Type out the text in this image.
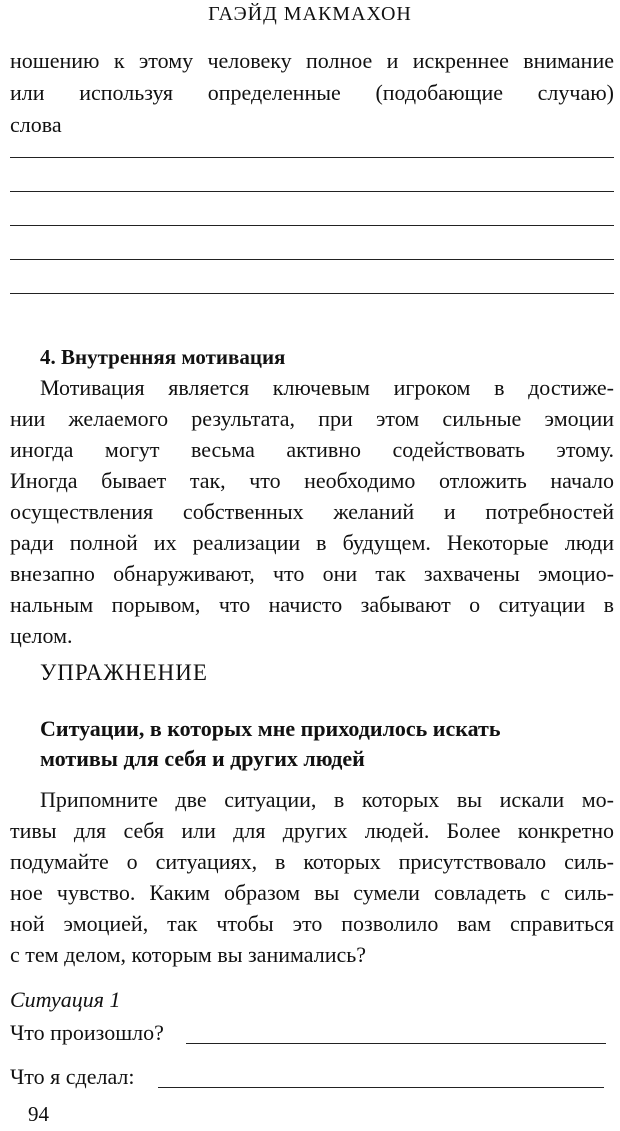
ГАЭЙД МАКМАХОН
ношению к этому человеку полное и искреннее внимание
или используя определенные (подобающие случаю)
слова
4. Внутренняя мотивация
Мотивация является ключевым игроком в достиже-
нии желаемого результата, при этом сильные эмоции
иногда могут весьма активно содействовать этому.
Иногда бывает так, что необходимо отложить начало
осуществления собственных желаний и потребностей
ради полной их реализации в будущем. Некоторые люди
внезапно обнаруживают, что они так захвачены эмоцио-
нальным порывом, что начисто забывают о ситуации в
целом.
УПРАЖНЕНИЕ
Ситуации, в которых мне приходилось искать
мотивы для себя и других людей
Припомните две ситуации, в которых вы искали мо-
тивы для себя или для других людей. Более конкретно
подумайте о ситуациях, в которых присутствовало силь-
ное чувство. Каким образом вы сумели совладеть с силь-
ной эмоцией, так чтобы это позволило вам справиться
с тем делом, которым вы занимались?
Ситуация 1
Что произошло?
Что я сделал:
94
